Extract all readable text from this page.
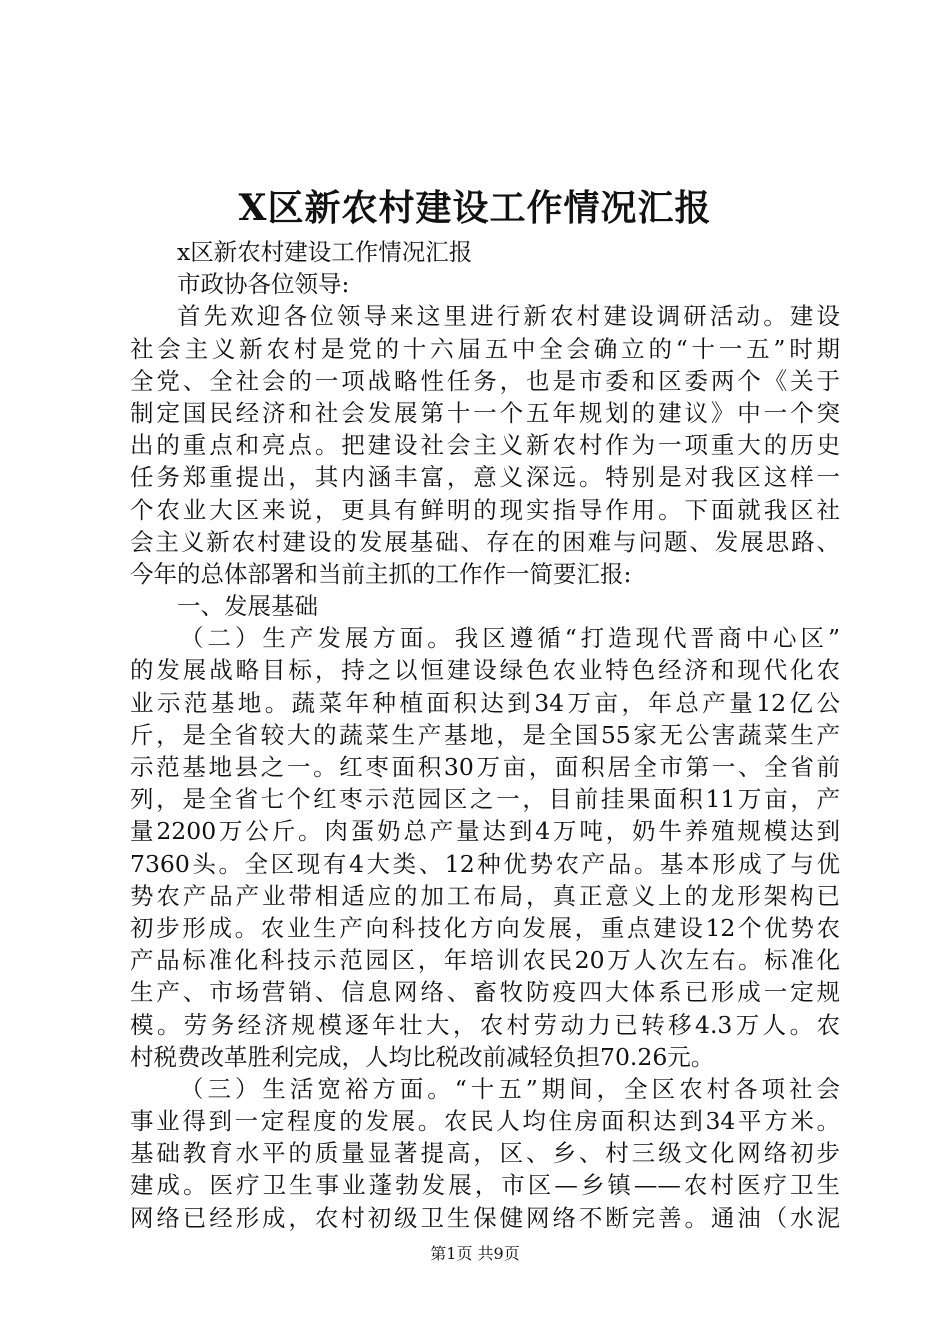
X区新农村建设工作情况汇报
x区新农村建设工作情况汇报
市政协各位领导:
首先欢迎各位领导来这里进行新农村建设调研活动。建设
社会主义新农村是党的十六届五中全会确立的“十一五”时期
全党、全社会的一项战略性任务，也是市委和区委两个《关于
制定国民经济和社会发展第十一个五年规划的建议》中一个突
出的重点和亮点。把建设社会主义新农村作为一项重大的历史
任务郑重提出，其内涵丰富，意义深远。特别是对我区这样一
个农业大区来说，更具有鲜明的现实指导作用。下面就我区社
会主义新农村建设的发展基础、存在的困难与问题、发展思路、
今年的总体部署和当前主抓的工作作一简要汇报:
一、发展基础
（二）生产发展方面。我区遵循“打造现代晋商中心区”
的发展战略目标，持之以恒建设绿色农业特色经济和现代化农
业示范基地。蔬菜年种植面积达到34万亩，年总产量12亿公
斤，是全省较大的蔬菜生产基地，是全国55家无公害蔬菜生产
示范基地县之一。红枣面积30万亩，面积居全市第一、全省前
列，是全省七个红枣示范园区之一，目前挂果面积11万亩，产
量2200万公斤。肉蛋奶总产量达到4万吨，奶牛养殖规模达到
7360头。全区现有4大类、12种优势农产品。基本形成了与优
势农产品产业带相适应的加工布局，真正意义上的龙形架构已
初步形成。农业生产向科技化方向发展，重点建设12个优势农
产品标准化科技示范园区，年培训农民20万人次左右。标准化
生产、市场营销、信息网络、畜牧防疫四大体系已形成一定规
模。劳务经济规模逐年壮大，农村劳动力已转移4.3万人。农
村税费改革胜利完成，人均比税改前减轻负担70.26元。
（三）生活宽裕方面。“十五”期间，全区农村各项社会
事业得到一定程度的发展。农民人均住房面积达到34平方米。
基础教育水平的质量显著提高，区、乡、村三级文化网络初步
建成。医疗卫生事业蓬勃发展，市区—乡镇——农村医疗卫生
网络已经形成，农村初级卫生保健网络不断完善。通油（水泥
第1页 共9页
